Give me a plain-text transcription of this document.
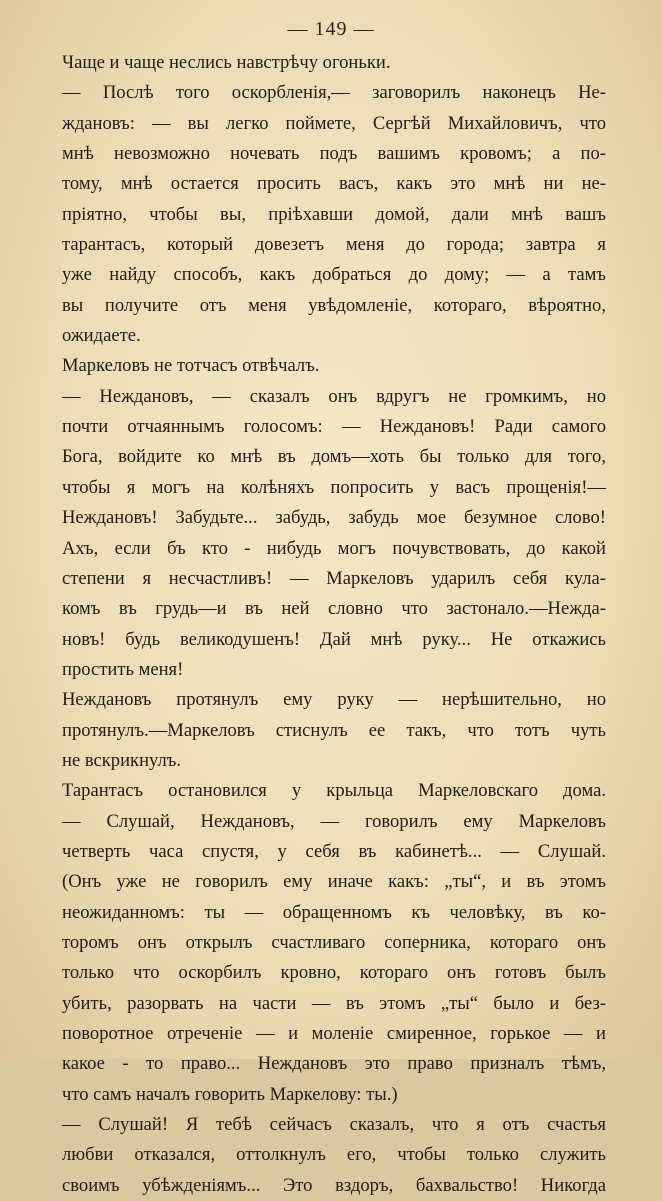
— 149 —
Чаще и чаще неслись навстрѣчу огоньки.
— Послѣ того оскорбленія,— заговорилъ наконецъ Не-
ждановъ: — вы легко поймете, Сергѣй Михайловичъ, что
мнѣ невозможно ночевать подъ вашимъ кровомъ; а по-
тому, мнѣ остается просить васъ, какъ это мнѣ ни не-
пріятно, чтобы вы, пріѣхавши домой, дали мнѣ вашъ
тарантасъ, который довезетъ меня до города; завтра я
уже найду способъ, какъ добраться до дому; — а тамъ
вы получите отъ меня увѣдомленіе, котораго, вѣроятно,
ожидаете.
Маркеловъ не тотчасъ отвѣчалъ.
— Неждановъ, — сказалъ онъ вдругъ не громкимъ, но
почти отчаяннымъ голосомъ: — Неждановъ! Ради самого
Бога, войдите ко мнѣ въ домъ—хоть бы только для того,
чтобы я могъ на колѣняхъ попросить у васъ прощенія!—
Неждановъ! Забудьте... забудь, забудь мое безумное слово!
Ахъ, если бъ кто - нибудь могъ почувствовать, до какой
степени я несчастливъ! — Маркеловъ ударилъ себя кула-
комъ въ грудь—и въ ней словно что застонало.—Нежда-
новъ! будь великодушенъ! Дай мнѣ руку... Не откажись
простить меня!
Неждановъ протянулъ ему руку — нерѣшительно, но
протянулъ.—Маркеловъ стиснулъ ее такъ, что тотъ чуть
не вскрикнулъ.
Тарантасъ остановился у крыльца Маркеловскаго дома.
— Слушай, Неждановъ, — говорилъ ему Маркеловъ
четверть часа спустя, у себя въ кабинетѣ... — Слушай.
(Онъ уже не говорилъ ему иначе какъ: „ты“, и въ этомъ
неожиданномъ: ты — обращенномъ къ человѣку, въ ко-
торомъ онъ открылъ счастливаго соперника, котораго онъ
только что оскорбилъ кровно, котораго онъ готовъ былъ
убить, разорвать на части — въ этомъ „ты“ было и без-
поворотное отреченіе — и моленіе смиренное, горькое — и
какое - то право... Неждановъ это право призналъ тѣмъ,
что самъ началъ говорить Маркелову: ты.)
— Слушай! Я тебѣ сейчасъ сказалъ, что я отъ счастья
любви отказался, оттолкнулъ его, чтобы только служить
своимъ убѣжденіямъ... Это вздоръ, бахвальство! Никогда
